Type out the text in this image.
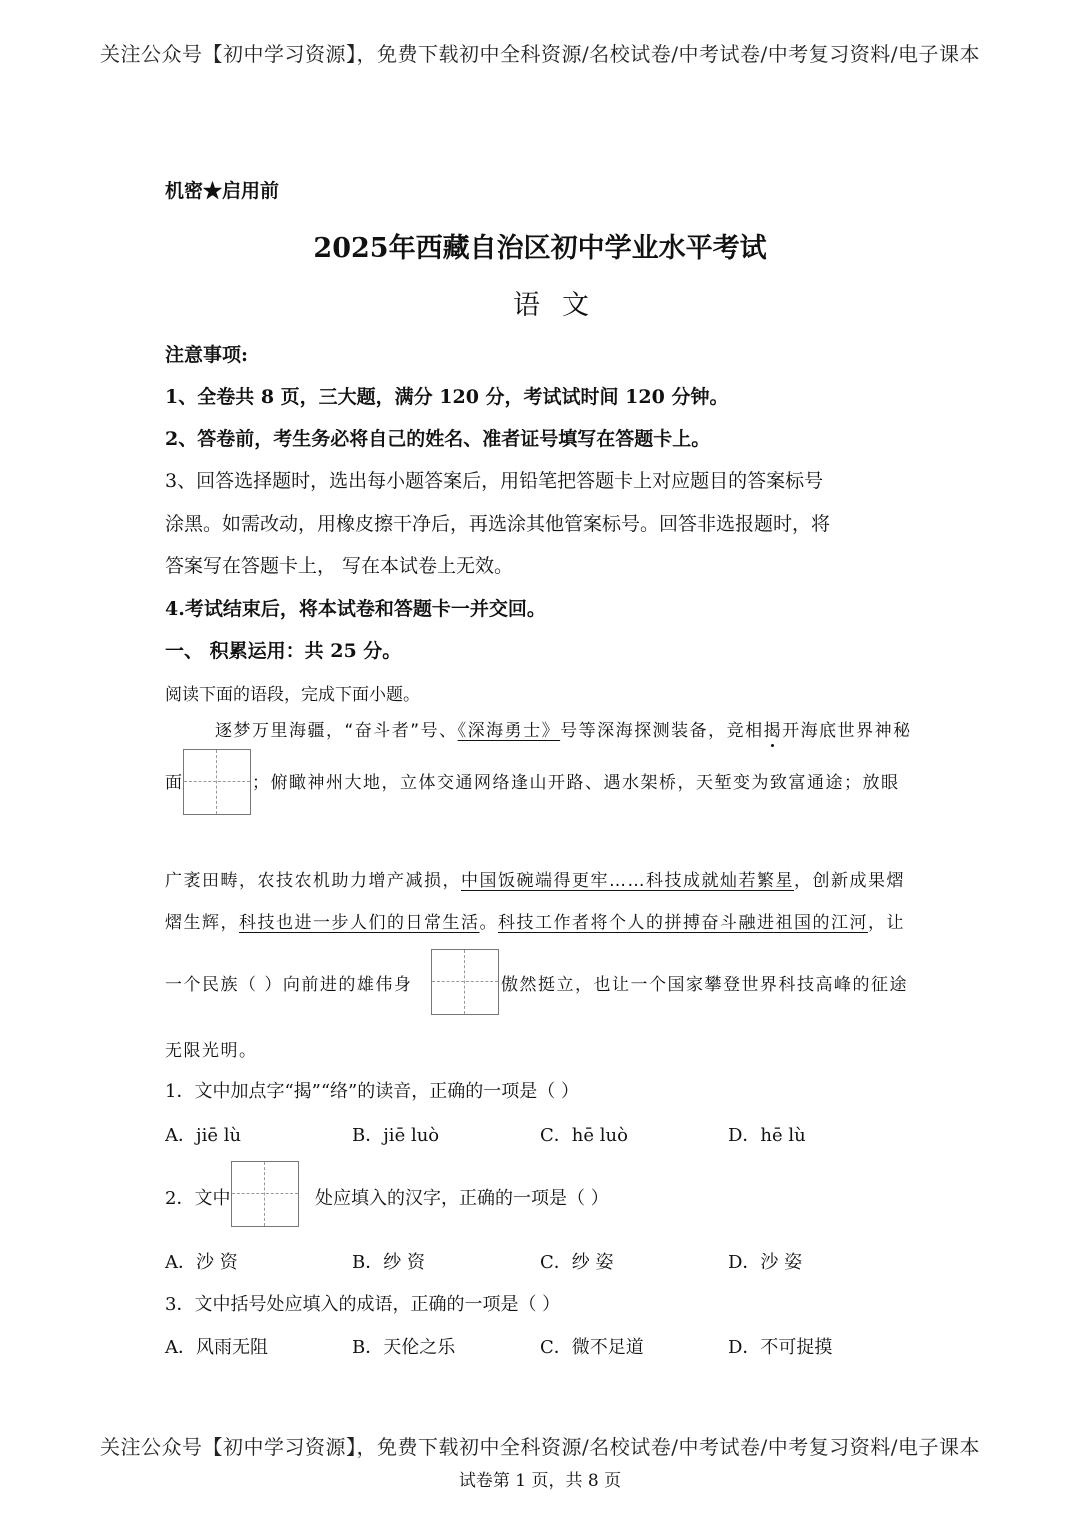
关注公众号【初中学习资源】，免费下载初中全科资源/名校试卷/中考试卷/中考复习资料/电子课本
机密★启用前
2025年西藏自治区初中学业水平考试
语文
注意事项:
1、全卷共 8 页，三大题，满分 120 分，考试试时间 120 分钟。
2、答卷前，考生务必将自己的姓名、准者证号填写在答题卡上。
3、回答选择题时，选出每小题答案后，用铅笔把答题卡上对应题目的答案标号
涂黑。如需改动，用橡皮擦干净后，再选涂其他管案标号。回答非选报题时，将
答案写在答题卡上， 写在本试卷上无效。
4.考试结束后，将本试卷和答题卡一并交回。
一、 积累运用：共 25 分。
阅读下面的语段，完成下面小题。
逐梦万里海疆，“奋斗者”号、《深海勇士》号等深海探测装备，竞相揭开海底世界神秘
面	；俯瞰神州大地，立体交通网络逢山开路、遇水架桥，天堑变为致富通途；放眼
广袤田畴，农技农机助力增产减损，中国饭碗端得更牢……科技成就灿若繁星，创新成果熠
熠生辉，科技也进一步人们的日常生活。科技工作者将个人的拼搏奋斗融进祖国的江河，让
一个民族（ ）向前进的雄伟身	傲然挺立，也让一个国家攀登世界科技高峰的征途
无限光明。
1．文中加点字“揭”“络”的读音，正确的一项是（ ）
A．jiē lù	B．jiē luò	C．hē luò	D．hē lù
2．文中	处应填入的汉字，正确的一项是（ ）
A．沙 资	B．纱 资	C．纱 姿	D．沙 姿
3．文中括号处应填入的成语，正确的一项是（ ）
A．风雨无阻	B．天伦之乐	C．微不足道	D．不可捉摸
关注公众号【初中学习资源】，免费下载初中全科资源/名校试卷/中考试卷/中考复习资料/电子课本
试卷第 1 页，共 8 页
